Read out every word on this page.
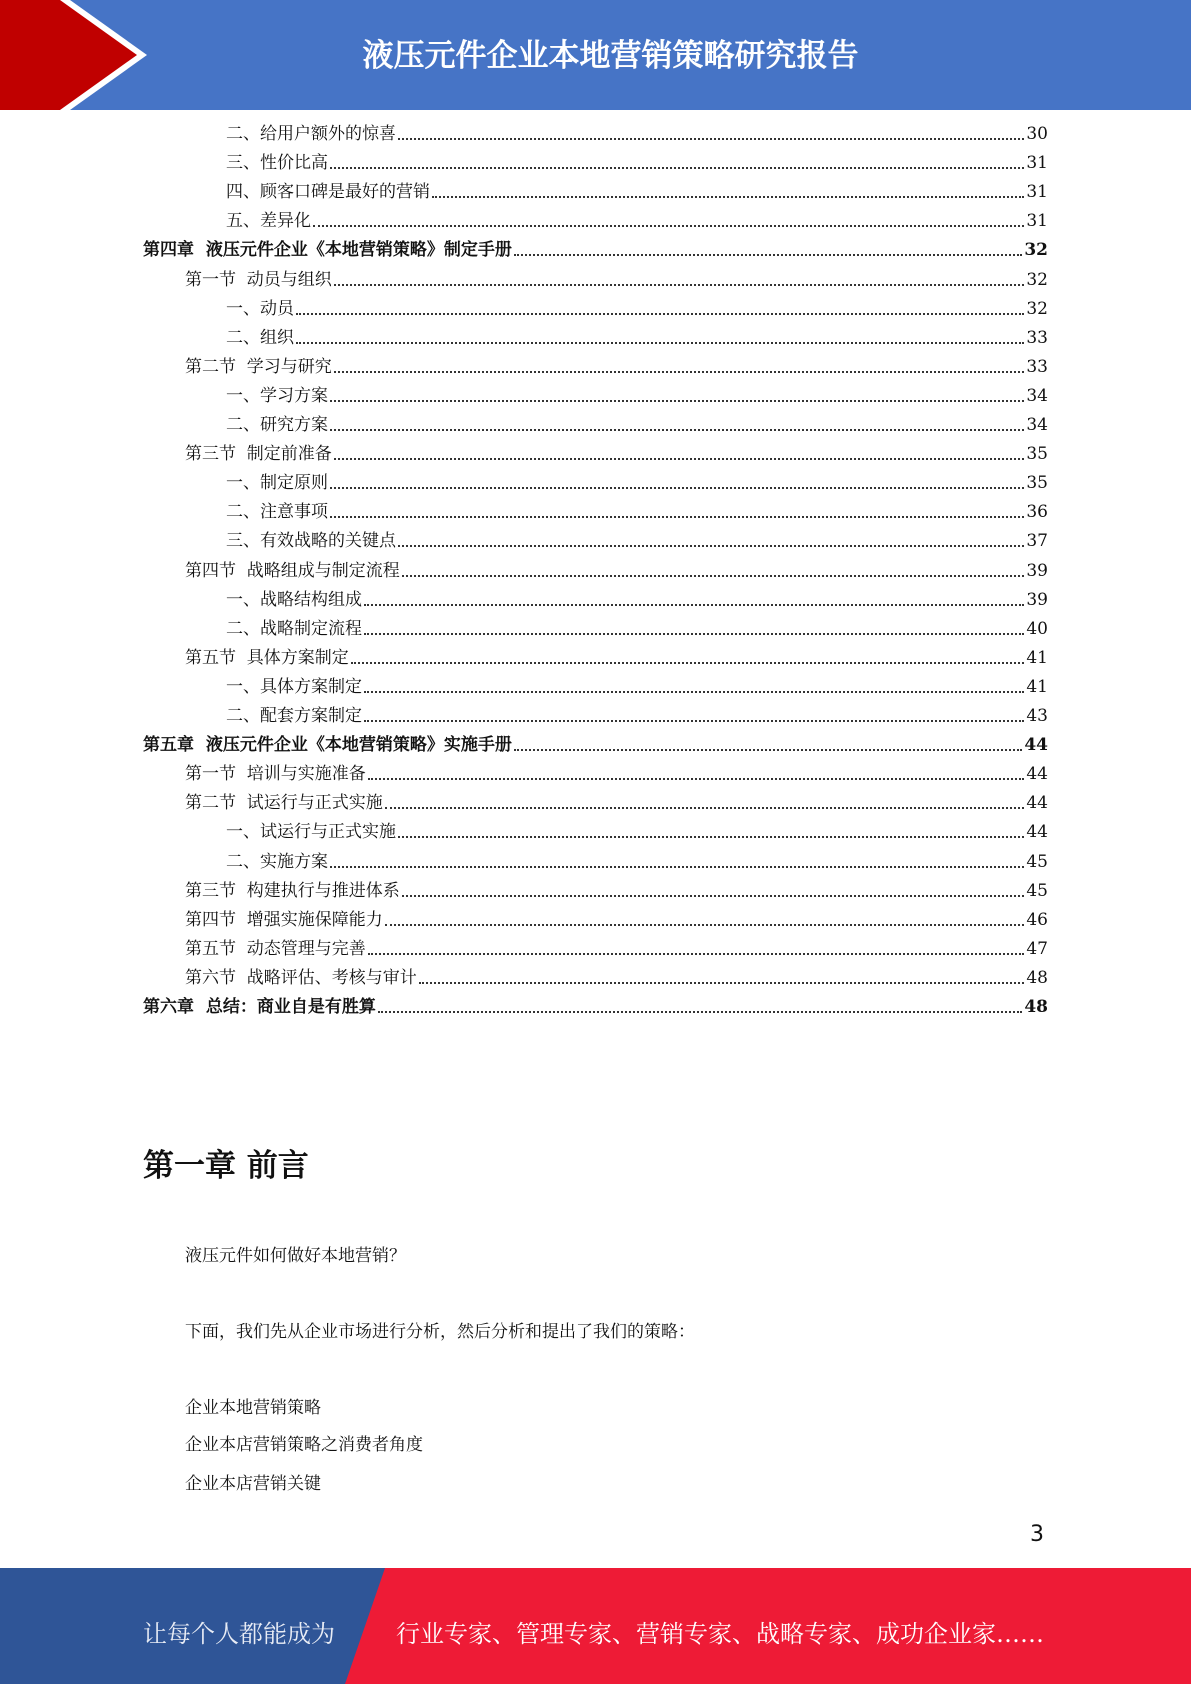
液压元件企业本地营销策略研究报告
二、给用户额外的惊喜	30
三、性价比高	31
四、顾客口碑是最好的营销	31
五、差异化	31
第四章  液压元件企业《本地营销策略》制定手册	32
第一节  动员与组织	32
一、动员	32
二、组织	33
第二节  学习与研究	33
一、学习方案	34
二、研究方案	34
第三节  制定前准备	35
一、制定原则	35
二、注意事项	36
三、有效战略的关键点	37
第四节  战略组成与制定流程	39
一、战略结构组成	39
二、战略制定流程	40
第五节  具体方案制定	41
一、具体方案制定	41
二、配套方案制定	43
第五章  液压元件企业《本地营销策略》实施手册	44
第一节  培训与实施准备	44
第二节  试运行与正式实施	44
一、试运行与正式实施	44
二、实施方案	45
第三节  构建执行与推进体系	45
第四节  增强实施保障能力	46
第五节  动态管理与完善	47
第六节  战略评估、考核与审计	48
第六章  总结：商业自是有胜算	48
第一章 前言
液压元件如何做好本地营销？
下面，我们先从企业市场进行分析，然后分析和提出了我们的策略：
企业本地营销策略
企业本店营销策略之消费者角度
企业本店营销关键
3
让每个人都能成为	行业专家、管理专家、营销专家、战略专家、成功企业家……
